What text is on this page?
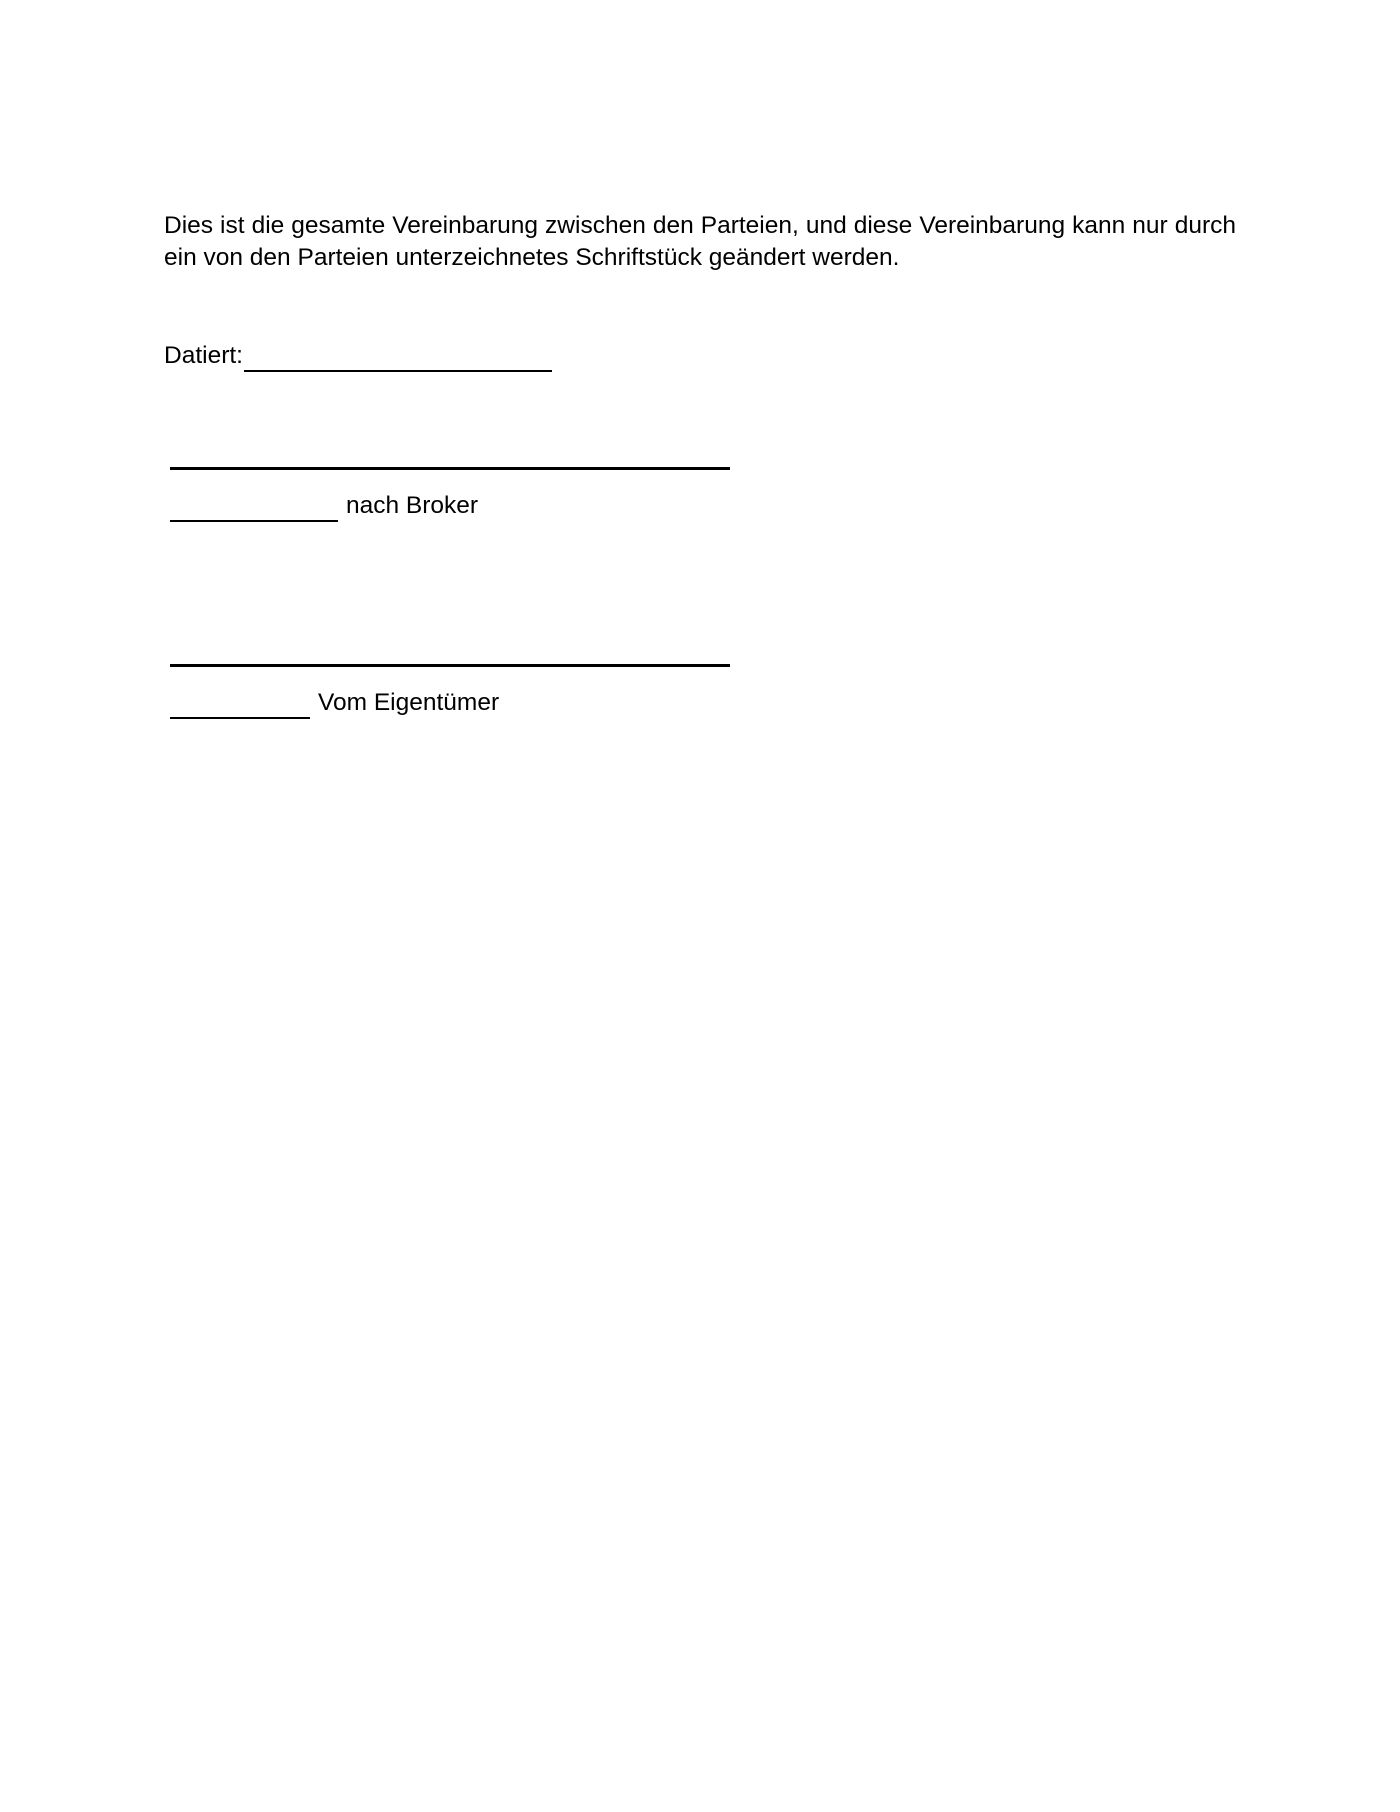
Dies ist die gesamte Vereinbarung zwischen den Parteien, und diese Vereinbarung kann nur durch ein von den Parteien unterzeichnetes Schriftstück geändert werden.

Datiert:
nach Broker
Vom Eigentümer
